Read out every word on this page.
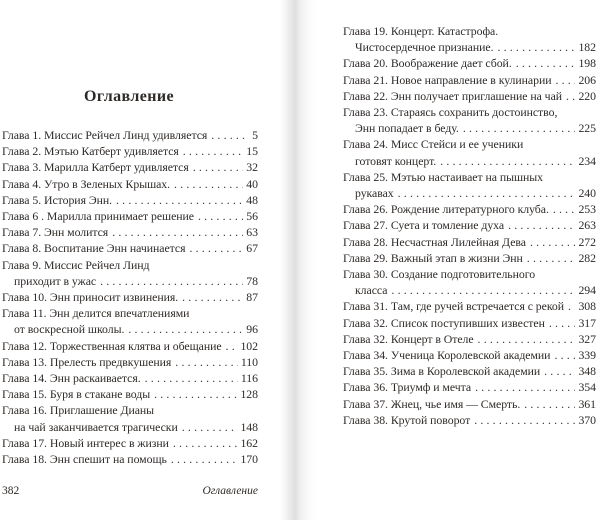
Оглавление
Глава 1. Миссис Рейчел Линд удивляется .....	5
Глава 2. Мэтью Катберт удивляется .....	15
Глава 3. Марилла Катберт удивляется .....	32
Глава 4. Утро в Зеленых Крышах. .....	40
Глава 5. История Энн. .....	48
Глава 6 . Марилла принимает решение .....	56
Глава 7. Энн молится .....	63
Глава 8. Воспитание Энн начинается .....	67
Глава 9. Миссис Рейчел Линд
приходит в ужас .....	78
Глава 10. Энн приносит извинения. .....	87
Глава 11. Энн делится впечатлениями
от воскресной школы. .....	96
Глава 12. Торжественная клятва и обещание ..... 102
Глава 13. Прелесть предвкушения .....	110
Глава 14. Энн раскаивается. .....	116
Глава 15. Буря в стакане воды .....	128
Глава 16. Приглашение Дианы
на чай заканчивается трагически .....	148
Глава 17. Новый интерес в жизни .....	162
Глава 18. Энн спешит на помощь .....	170
382	Оглавление
Глава 19. Концерт. Катастрофа.
Чистосердечное признание. .....	182
Глава 20. Воображение дает сбой. .....	198
Глава 21. Новое направление в кулинарии ..... 206
Глава 22. Энн получает приглашение на чай ..... 220
Глава 23. Стараясь сохранить достоинство,
Энн попадает в беду. .....	225
Глава 24. Мисс Стейси и ее ученики
готовят концерт. .....	234
Глава 25. Мэтью настаивает на пышных
рукавах .....	240
Глава 26. Рождение литературного клуба. .....	253
Глава 27. Суета и томление духа .....	263
Глава 28. Несчастная Лилейная Дева .....	272
Глава 29. Важный этап в жизни Энн .....	282
Глава 30. Создание подготовительного
класса .....	294
Глава 31. Там, где ручей встречается с рекой ..... 308
Глава 32. Список поступивших известен .....	317
Глава 32. Концерт в Отеле .....	327
Глава 34. Ученица Королевской академии ..... 339
Глава 35. Зима в Королевской академии .....	348
Глава 36. Триумф и мечта .....	354
Глава 37. Жнец, чье имя — Смерть. .....	361
Глава 38. Крутой поворот .....	370
